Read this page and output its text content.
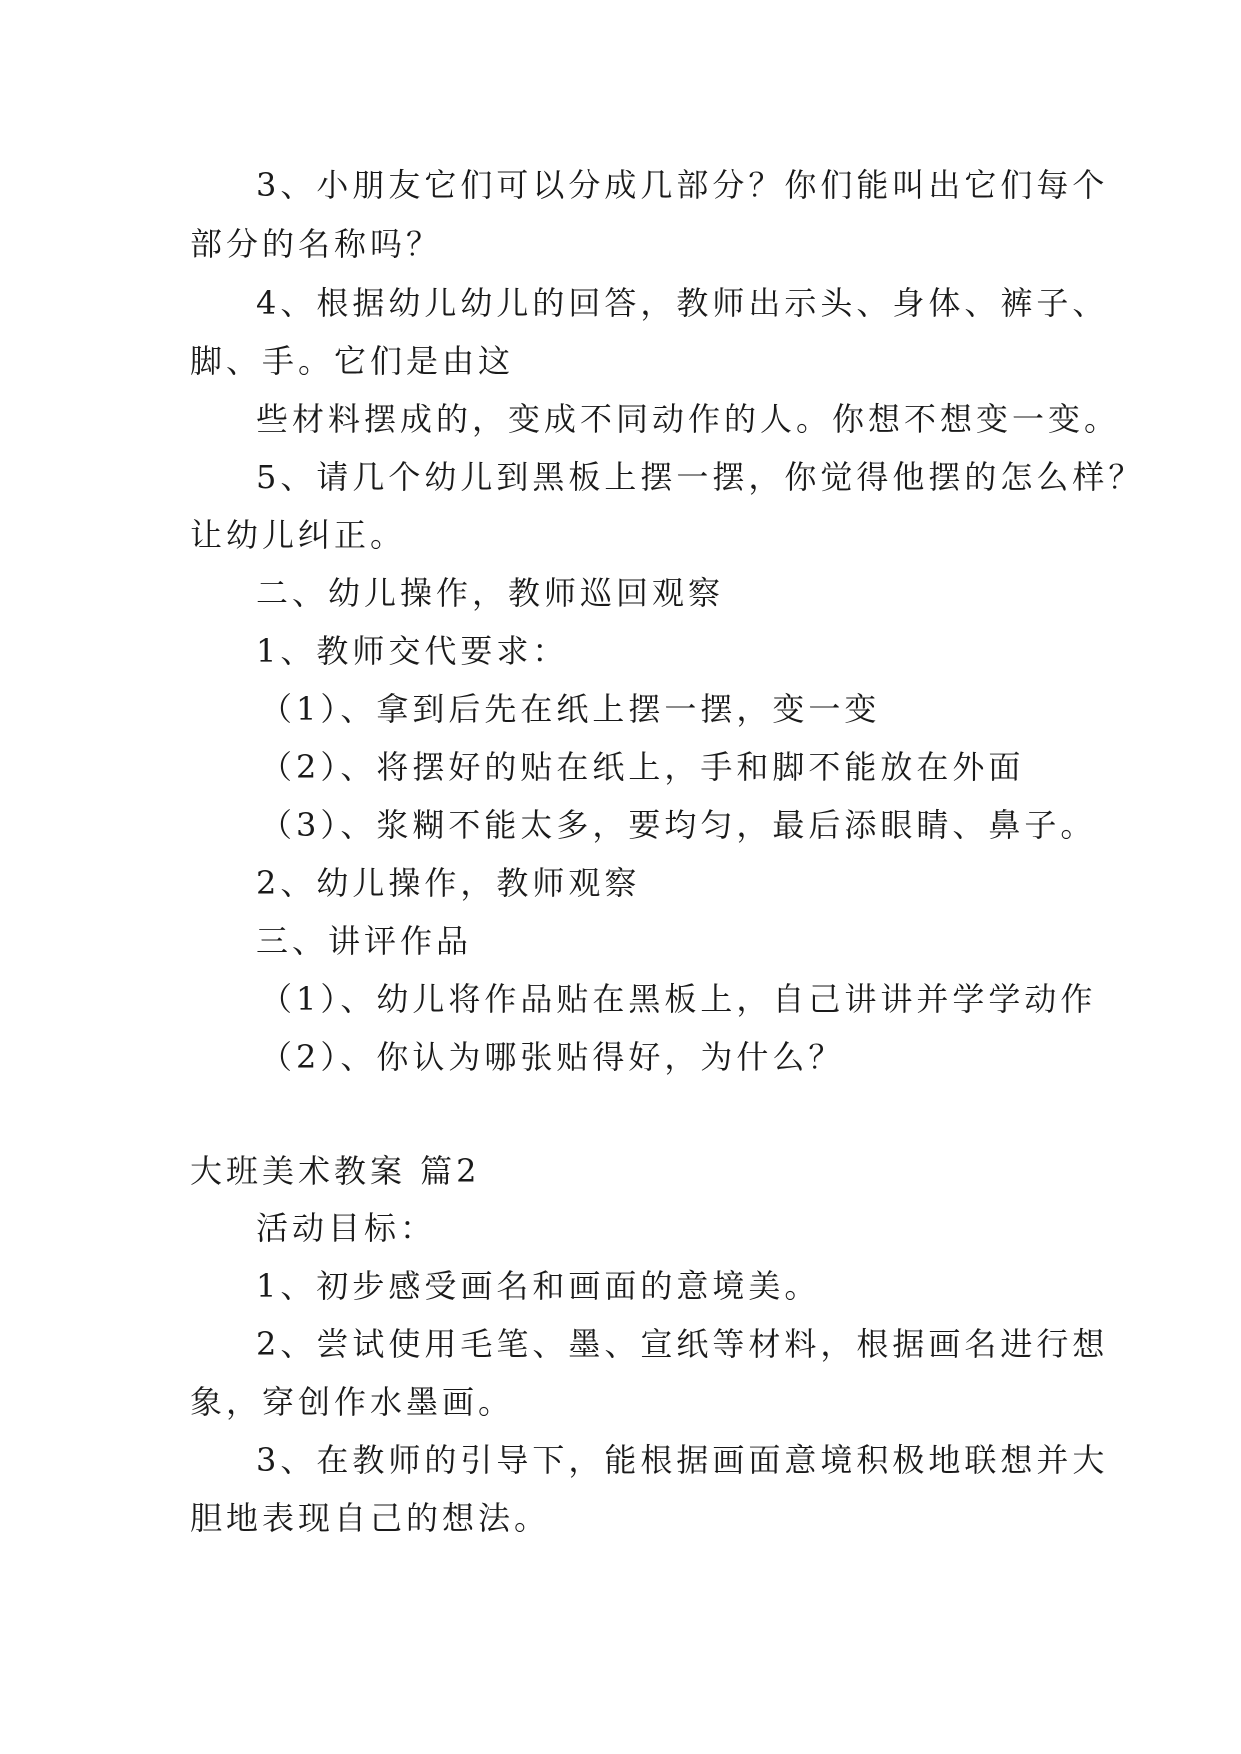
3、小朋友它们可以分成几部分？你们能叫出它们每个
部分的名称吗？
4、根据幼儿幼儿的回答，教师出示头、身体、裤子、
脚、手。它们是由这
些材料摆成的，变成不同动作的人。你想不想变一变。
5、请几个幼儿到黑板上摆一摆，你觉得他摆的怎么样？
让幼儿纠正。
二、幼儿操作，教师巡回观察
1、教师交代要求：
（1）、拿到后先在纸上摆一摆，变一变
（2）、将摆好的贴在纸上，手和脚不能放在外面
（3）、浆糊不能太多，要均匀，最后添眼睛、鼻子。
2、幼儿操作，教师观察
三、讲评作品
（1）、幼儿将作品贴在黑板上，自己讲讲并学学动作
（2）、你认为哪张贴得好，为什么？
大班美术教案 篇2
活动目标：
1、初步感受画名和画面的意境美。
2、尝试使用毛笔、墨、宣纸等材料，根据画名进行想
象，穿创作水墨画。
3、在教师的引导下，能根据画面意境积极地联想并大
胆地表现自己的想法。
